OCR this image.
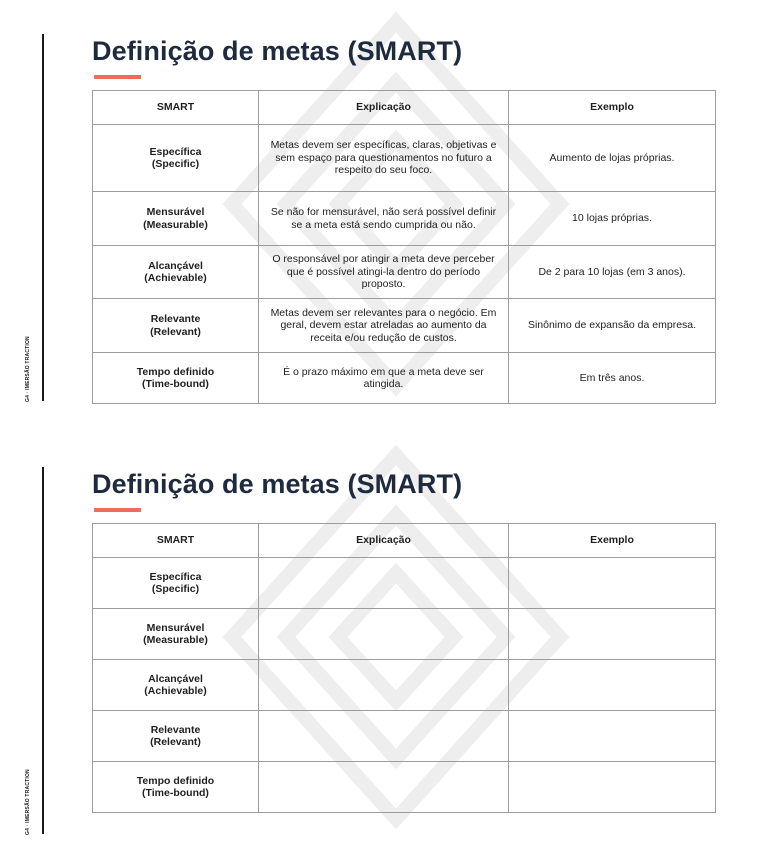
G4 · IMERSÃO TRACTION
Definição de metas (SMART)
SMART	Explicação	Exemplo
Específica
(Specific)	Metas devem ser específicas, claras, objetivas e sem espaço para questionamentos no futuro a respeito do seu foco.	Aumento de lojas próprias.
Mensurável
(Measurable)	Se não for mensurável, não será possível definir se a meta está sendo cumprida ou não.	10 lojas próprias.
Alcançável
(Achievable)	O responsável por atingir a meta deve perceber que é possível atingi-la dentro do período proposto.	De 2 para 10 lojas (em 3 anos).
Relevante
(Relevant)	Metas devem ser relevantes para o negócio. Em geral, devem estar atreladas ao aumento da receita e/ou redução de custos.	Sinônimo de expansão da empresa.
Tempo definido
(Time-bound)	É o prazo máximo em que a meta deve ser atingida.	Em três anos.
G4 · IMERSÃO TRACTION
Definição de metas (SMART)
SMART	Explicação	Exemplo
Específica
(Specific)		
Mensurável
(Measurable)		
Alcançável
(Achievable)		
Relevante
(Relevant)		
Tempo definido
(Time-bound)		
